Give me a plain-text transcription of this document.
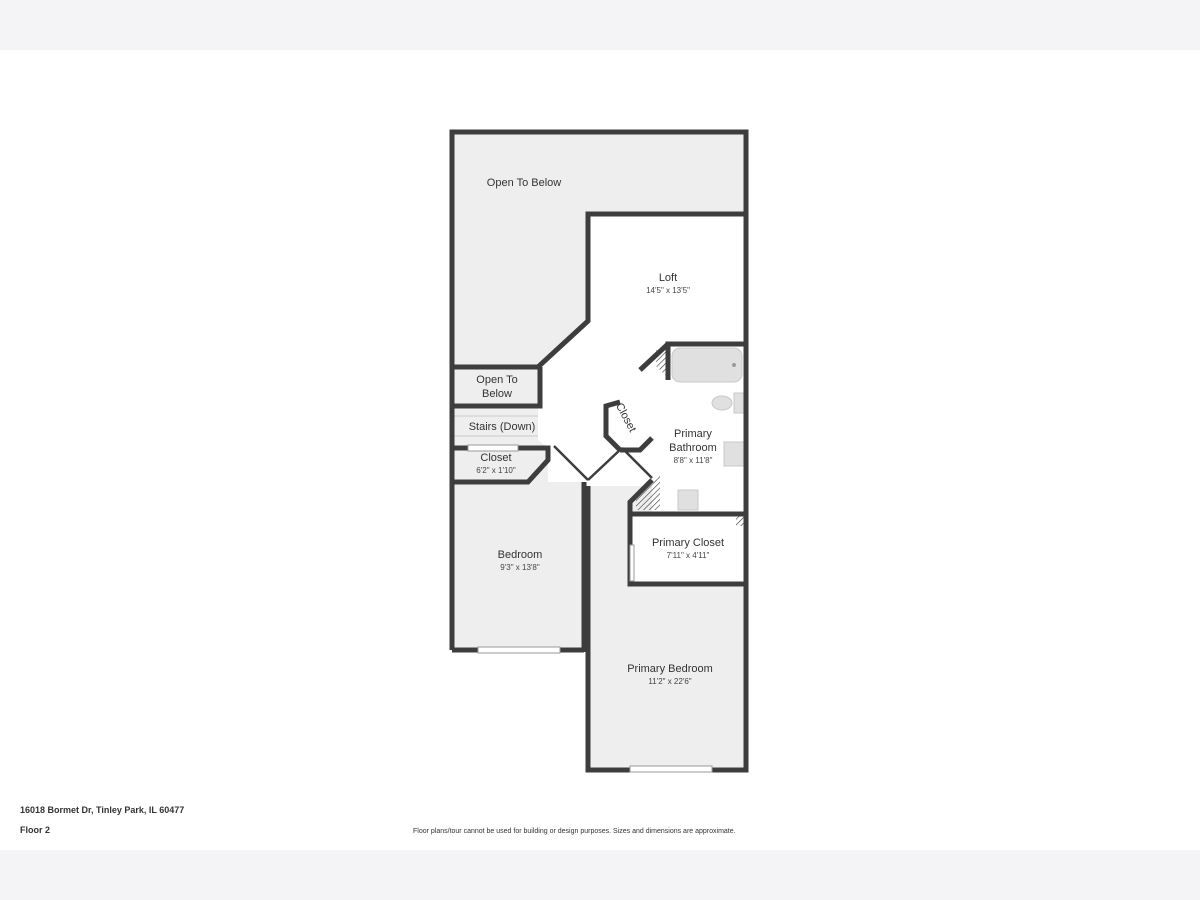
Open To Below
Loft
14'5" x 13'5"
Open To
Below
Stairs (Down)
Closet
6'2" x 1'10"
Closet	Primary
Bathroom
8'8" x 11'8"
Primary Closet
7'11" x 4'11"
Bedroom
9'3" x 13'8"
Primary Bedroom
11'2" x 22'6"
16018 Bormet Dr, Tinley Park, IL 60477
Floor 2	Floor plans/tour cannot be used for building or design purposes. Sizes and dimensions are approximate.
